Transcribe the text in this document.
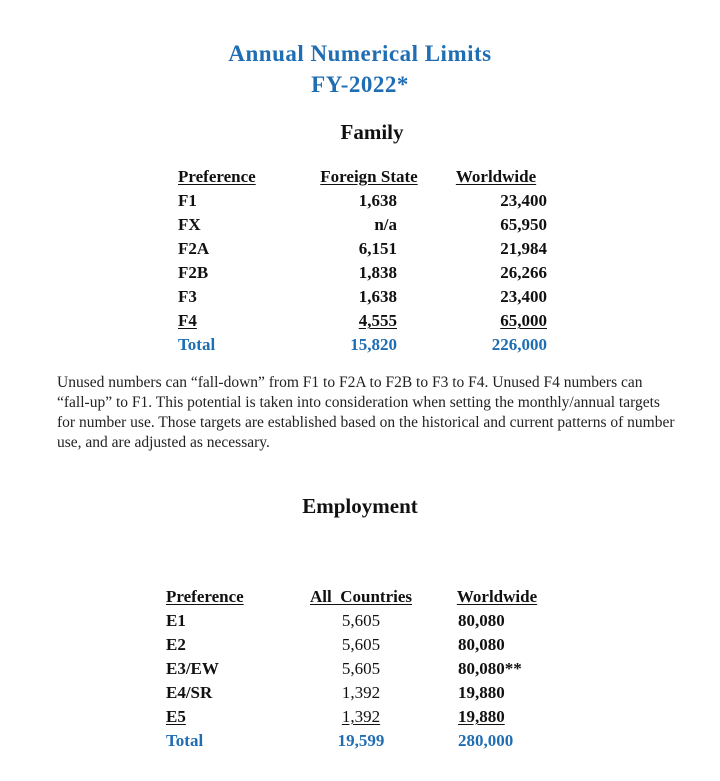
Annual Numerical Limits
FY-2022*
Family
Preference	Foreign State	Worldwide
F1	1,638	23,400
FX	n/a	65,950
F2A	6,151	21,984
F2B	1,838	26,266
F3	1,638	23,400
F4	4,555	65,000
Total	15,820	226,000
Unused numbers can “fall-down” from F1 to F2A to F2B to F3 to F4. Unused F4 numbers can “fall-up” to F1. This potential is taken into consideration when setting the monthly/annual targets for number use. Those targets are established based on the historical and current patterns of number use, and are adjusted as necessary.
Employment
Preference	All  Countries	Worldwide
E1	5,605	80,080
E2	5,605	80,080
E3/EW	5,605	80,080**
E4/SR	1,392	19,880
E5	1,392	19,880
Total	19,599	280,000
